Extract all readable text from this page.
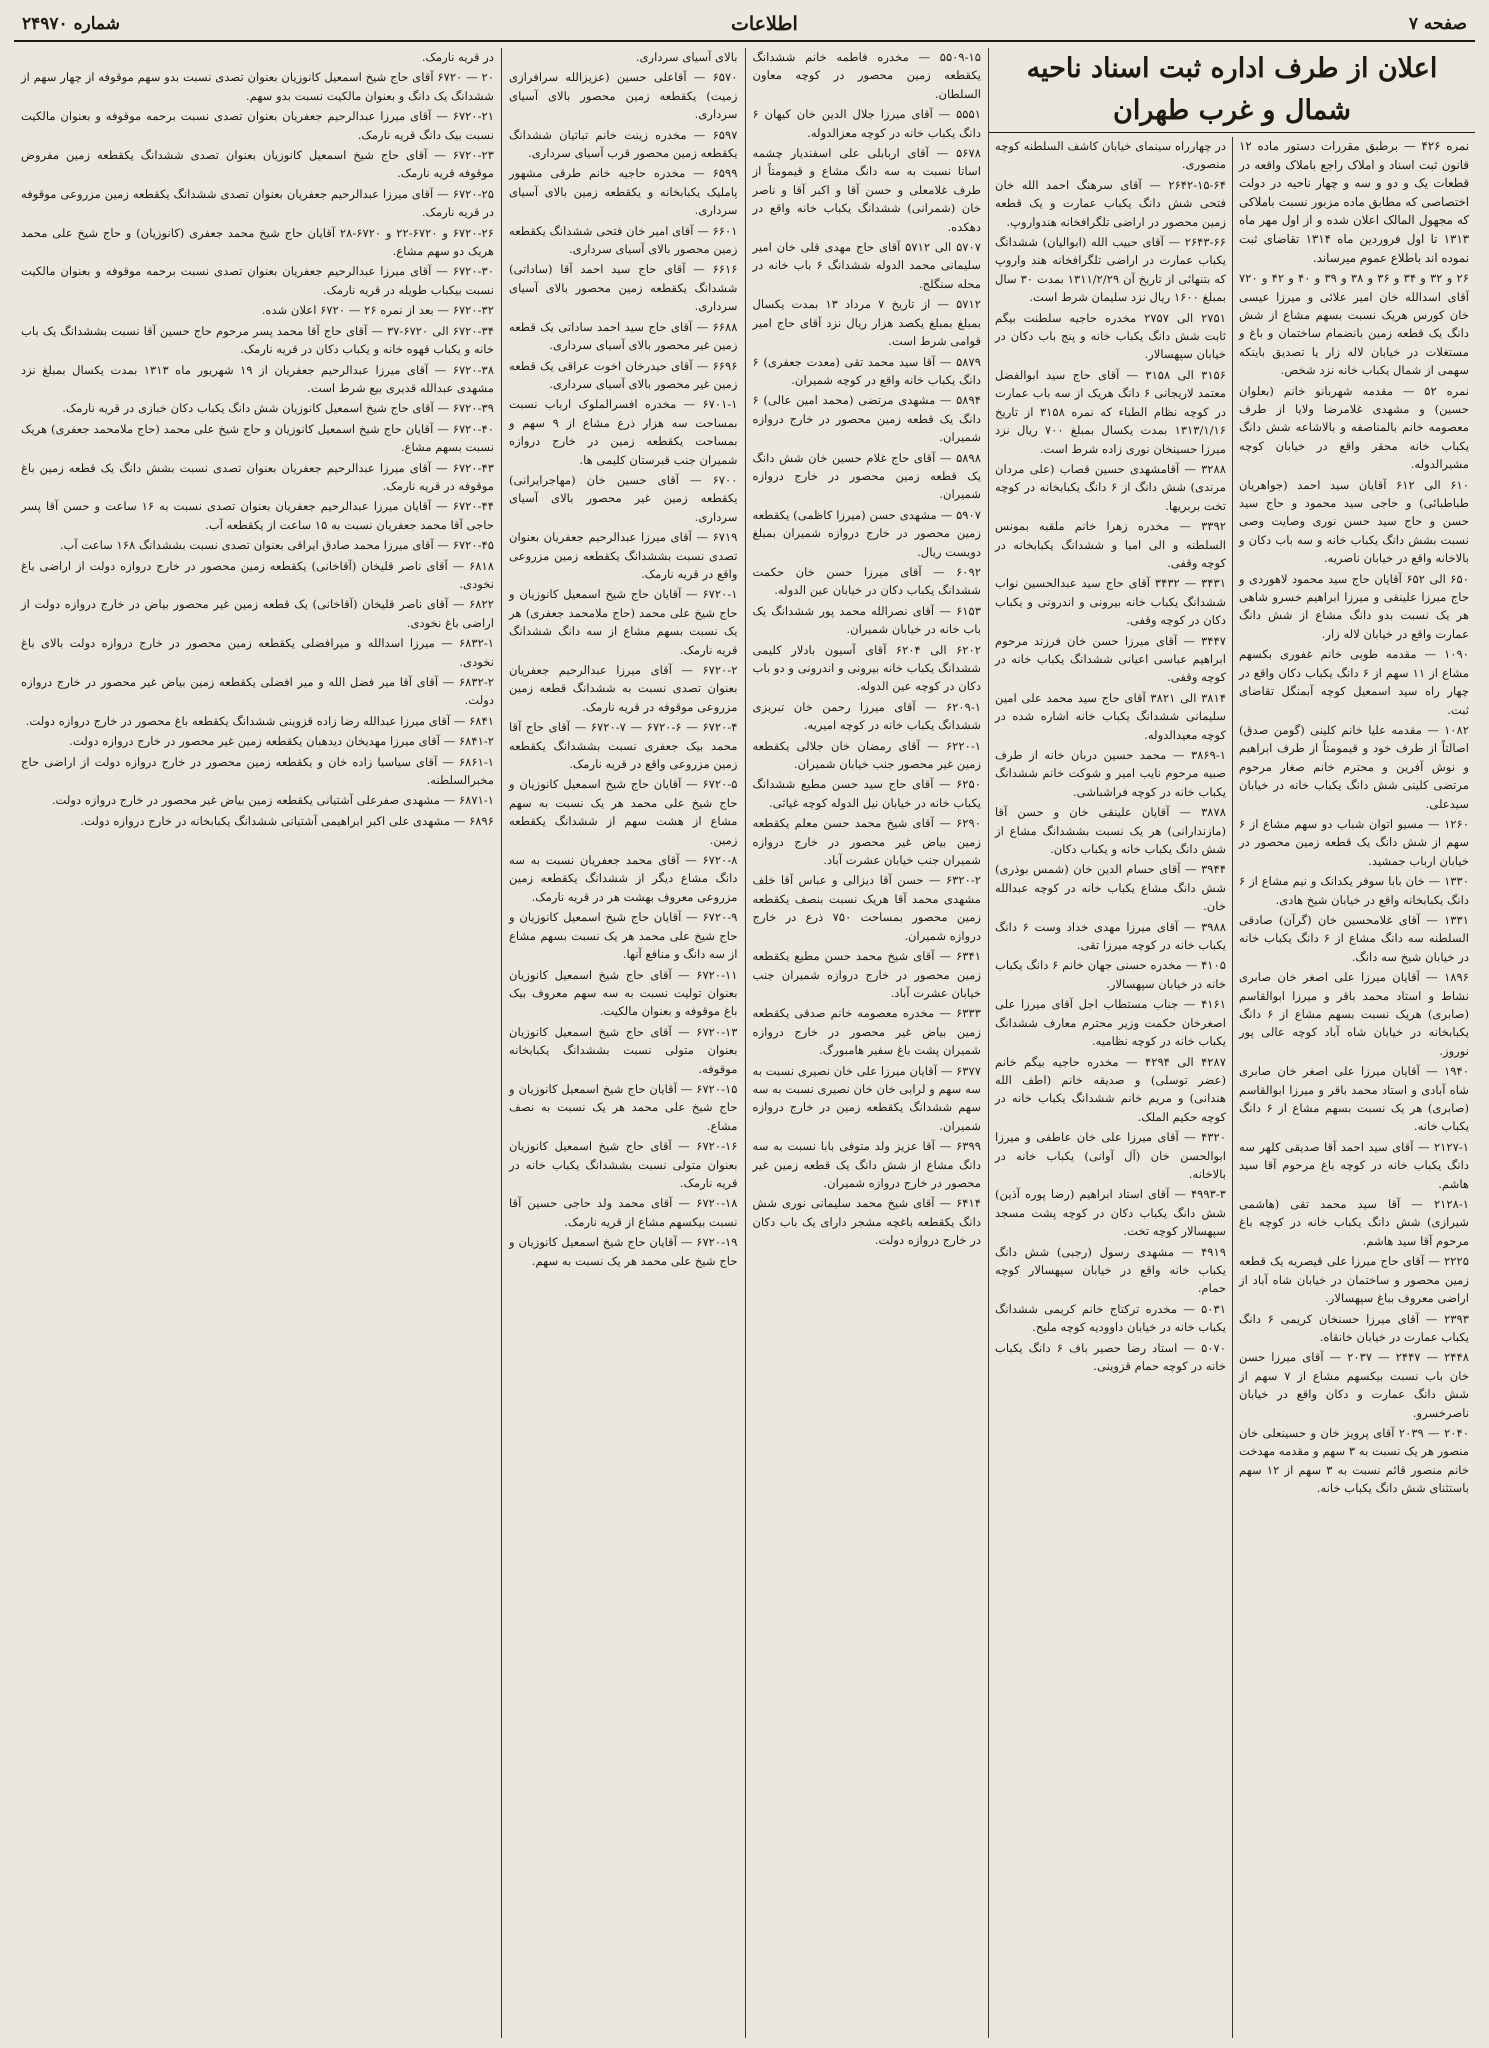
صفحه ۷
اطلاعات
شماره ۲۴۹۷۰
اعلان از طرف اداره ثبت اسناد ناحیه شمال و غرب طهران

نمره ۴۲۶ — برطبق مقررات دستور ماده ۱۲ قانون ثبت اسناد و املاک راجع باملاک واقعه در قطعات یک و دو و سه و چهار ناحیه در دولت اختصاصی که مطابق ماده مزبور نسبت باملاکی که مجهول المالک اعلان شده و از اول مهر ماه ۱۳۱۳ تا اول فروردین ماه ۱۳۱۴ تقاضای ثبت نموده اند باطلاع عموم میرساند.

۲۶ و ۳۲ و ۳۴ و ۳۶ و ۳۸ و ۳۹ و ۴۰ و ۴۲ و ۷۲۰ آقای اسدالله خان امیر علائی و میرزا عیسی خان کورس هریک نسبت بسهم مشاع از شش دانگ یک قطعه زمین بانضمام ساختمان و باغ و مستغلات در خیابان لاله زار یا تصدیق باینکه سهمی از شمال یکباب خانه نزد شخص.

نمره ۵۲ — مقدمه شهربانو خانم (بعلوان حسین) و مشهدی غلامرضا ولایا از طرف معصومه خانم بالمناصفه و بالاشاعه شش دانگ یکباب خانه محقر واقع در خیابان کوچه مشیرالدوله.

۶۱۰ الی ۶۱۲ آقایان سید احمد (جواهریان طباطبائی) و حاجی سید محمود و حاج سید حسن و حاج سید حسن نوری وصایت وصی نسبت بشش دانگ یکباب خانه و سه باب دکان و بالاخانه واقع در خیابان ناصریه.

۶۵۰ الی ۶۵۲ آقایان حاج سید محمود لاهوردی و حاج میرزا علینقی و میرزا ابراهیم خسرو شاهی هر یک نسبت بدو دانگ مشاع از شش دانگ عمارت واقع در خیابان لاله زار.

۱۰۹۰ — مقدمه طوبی خانم غفوری بکسهم مشاع از ۱۱ سهم از ۶ دانگ یکباب دکان واقع در چهار راه سید اسمعیل کوچه آبمنگل تقاضای ثبت.

۱۰۸۲ — مقدمه علیا خانم کلینی (گومن صدق) اصالتاً از طرف خود و قیمومتاً از طرف ابراهیم و نوش آفرین و محترم خانم صغار مرحوم مرتضی کلینی شش دانگ یکباب خانه در خیابان سیدعلی.

۱۲۶۰ — مسیو اتوان شباب دو سهم مشاع از ۶ سهم از شش دانگ یک قطعه زمین محصور در خیابان ارباب جمشید.

۱۳۳۰ — خان بابا سوفر یکدانک و نیم مشاع از ۶ دانگ یکبابخانه واقع در خیابان شیخ هادی.

۱۳۳۱ — آقای غلامحسین خان (گرآن) صادقی السلطنه سه دانگ مشاع از ۶ دانگ یکباب خانه در خیابان شیخ سه دانگ.

۱۸۹۶ — آقایان میرزا علی اصغر خان صابری نشاط و استاد محمد باقر و میرزا ابوالقاسم (صابری) هریک نسبت بسهم مشاع از ۶ دانگ یکبابخانه در خیابان شاه آباد کوچه عالی پور نوروز.

۱۹۴۰ — آقایان میرزا علی اصغر خان صابری شاه آبادی و استاد محمد باقر و میرزا ابوالقاسم (صابری) هر یک نسبت بسهم مشاع از ۶ دانگ یکباب خانه.

۲۱۲۷-۱ — آقای سید احمد آقا صدیقی کلهر سه دانگ یکباب خانه در کوچه باغ مرحوم آقا سید هاشم.

۲۱۲۸-۱ — آقا سید محمد تقی (هاشمی شیرازی) شش دانگ یکباب خانه در کوچه باغ مرحوم آقا سید هاشم.

۲۲۲۵ — آقای حاج میرزا علی قیصریه یک قطعه زمین محصور و ساختمان در خیابان شاه آباد از اراضی معروف بباغ سپهسالار.

۲۳۹۳ — آقای میرزا حسنخان کریمی ۶ دانگ یکباب عمارت در خیابان خانقاه.

۲۴۴۸ — ۲۴۴۷ — ۲۰۳۷ — آقای میرزا حسن خان باب نسبت بیکسهم مشاع از ۷ سهم از شش دانگ عمارت و دکان واقع در خیابان ناصرخسرو.

۲۰۴۰ — ۲۰۳۹ آقای پرویز خان و حسینعلی خان منصور هر یک نسبت به ۳ سهم و مقدمه مهدخت خانم منصور قائم نسبت به ۳ سهم از ۱۲ سهم باستثنای شش دانگ یکباب خانه.

در چهارراه سینمای خیابان کاشف السلطنه کوچه منصوری.

۲۶۴۲-۱۵-۶۴ — آقای سرهنگ احمد الله خان فتحی شش دانگ یکباب عمارت و یک قطعه زمین محصور در اراضی تلگرافخانه هندواروپ.

۲۶۴۳-۶۶ — آقای حبیب الله (ابوالیان) ششدانگ یکباب عمارت در اراضی تلگرافخانه هند واروپ که بتنهائی از تاریخ آن ۱۳۱۱/۲/۲۹ بمدت ۳۰ سال بمبلغ ۱۶۰۰ ریال نزد سلیمان شرط است.

۲۷۵۱ الی ۲۷۵۷ مخدره حاجیه سلطنت بیگم ثابت شش دانگ یکباب خانه و پنج باب دکان در خیابان سپهسالار.

۳۱۵۶ الی ۳۱۵۸ — آقای حاج سید ابوالفضل معتمد لاریجانی ۶ دانگ هریک از سه باب عمارت در کوچه نظام الطباء که نمره ۳۱۵۸ از تاریخ ۱۳۱۳/۱/۱۶ بمدت یکسال بمبلغ ۷۰۰ ریال نزد میرزا حسینخان نوری زاده شرط است.

۳۲۸۸ — آقامشهدی حسین قصاب (علی مردان مرندی) شش دانگ از ۶ دانگ یکبابخانه در کوچه تخت بربریها.

۳۳۹۲ — مخدره زهرا خانم ملقبه بمونس السلطنه و الی امیا و ششدانگ یکبابخانه در کوچه وقفی.

۳۴۳۱ — ۳۴۳۲ آقای حاج سید عبدالحسین نواب ششدانگ یکباب خانه بیرونی و اندرونی و یکباب دکان در کوچه وقفی.

۳۴۴۷ — آقای میرزا حسن خان فرزند مرحوم ابراهیم عباسی اعیانی ششدانگ یکباب خانه در کوچه وقفی.

۳۸۱۴ الی ۳۸۲۱ آقای حاج سید محمد علی امین سلیمانی ششدانگ یکباب خانه اشاره شده در کوچه معیدالدوله.

۳۸۶۹-۱ — محمد حسین دربان خانه از طرف صبیه مرحوم نایب امیر و شوکت خانم ششدانگ یکباب خانه در کوچه فراشباشی.

۳۸۷۸ — آقایان علینقی خان و حسن آقا (مازندارانی) هر یک نسبت بششدانگ مشاع از شش دانگ یکباب خانه و یکباب دکان.

۳۹۴۴ — آقای حسام الدین خان (شمس بوذری) شش دانگ مشاع یکباب خانه در کوچه عبدالله خان.

۳۹۸۸ — آقای میرزا مهدی خداد وست ۶ دانگ یکباب خانه در کوچه میرزا تقی.

۴۱۰۵ — مخدره حسنی جهان خانم ۶ دانگ یکباب خانه در خیابان سپهسالار.

۴۱۶۱ — جناب مستطاب اجل آقای میرزا علی اصغرخان حکمت وزیر محترم معارف ششدانگ یکباب خانه در کوچه نظامیه.

۴۲۸۷ الی ۴۲۹۴ — مخدره حاجیه بیگم خانم (عضر توسلی) و صدیقه خانم (اطف الله هندانی) و مریم خانم ششدانگ یکباب خانه در کوچه حکیم الملک.

۴۳۲۰ — آقای میرزا علی خان عاطفی و میرزا ابوالحسن خان (آل آوانی) یکباب خانه در بالاخانه.

۴۹۹۳-۳ — آقای استاد ابراهیم (رضا پوره آذین) شش دانگ یکباب دکان در کوچه پشت مسجد سپهسالار کوچه تخت.

۴۹۱۹ — مشهدی رسول (رجبی) شش دانگ یکباب خانه واقع در خیابان سپهسالار کوچه حمام.

۵۰۳۱ — مخدره ترکتاج خانم کریمی ششدانگ یکباب خانه در خیابان داوودیه کوچه ملیح.

۵۰۷۰ — استاد رضا حصیر باف ۶ دانگ یکباب خانه در کوچه حمام قزوینی.

۵۵۰۹-۱۵ — مخدره فاطمه خانم ششدانگ یکقطعه زمین محصور در کوچه معاون السلطان.

۵۵۵۱ — آقای میرزا جلال الدین خان کیهان ۶ دانگ یکباب خانه در کوچه معزالدوله.

۵۶۷۸ — آقای اربابلی علی اسفندیار چشمه اساتا نسبت به سه دانگ مشاع و قیمومتاً از طرف غلامعلی و حسن آقا و اکبر آقا و ناصر خان (شمرانی) ششدانگ یکباب خانه واقع در دهکده.

۵۷۰۷ الی ۵۷۱۲ آقای حاج مهدی قلی خان امیر سلیمانی محمد الدوله ششدانگ ۶ باب خانه در محله سنگلج.

۵۷۱۲ — از تاریخ ۷ مرداد ۱۳ بمدت یکسال بمبلغ بمبلغ یکصد هزار ریال نزد آقای حاج امیر قوامی شرط است.

۵۸۷۹ — آقا سید محمد تقی (معدت جعفری) ۶ دانگ یکباب خانه واقع در کوچه شمیران.

۵۸۹۴ — مشهدی مرتضی (محمد امین عالی) ۶ دانگ یک قطعه زمین محصور در خارج دروازه شمیران.

۵۸۹۸ — آقای حاج غلام حسین خان شش دانگ یک قطعه زمین محصور در خارج دروازه شمیران.

۵۹۰۷ — مشهدی حسن (میرزا کاظمی) یکقطعه زمین محصور در خارج دروازه شمیران بمبلغ دویست ریال.

۶۰۹۲ — آقای میرزا حسن خان حکمت ششدانگ یکباب دکان در خیابان عین الدوله.

۶۱۵۳ — آقای نصرالله محمد پور ششدانگ یک باب خانه در خیابان شمیران.

۶۲۰۲ الی ۶۲۰۴ آقای آسیون بادلار کلیمی ششدانگ یکباب خانه بیرونی و اندرونی و دو باب دکان در کوچه عین الدوله.

۶۲۰۹-۱ — آقای میرزا رحمن خان تبریزی ششدانگ یکباب خانه در کوچه امیریه.

۶۲۲۰-۱ — آقای رمضان خان جلالی یکقطعه زمین غیر محصور جنب خیابان شمیران.

۶۲۵۰ — آقای حاج سید حسن مطیع ششدانگ یکباب خانه در خیابان نیل الدوله کوچه غیاثی.

۶۲۹۰ — آقای شیخ محمد حسن معلم یکقطعه زمین بیاض غیر محصور در خارج دروازه شمیران جنب خیابان عشرت آباد.

۶۳۲۰-۲ — حسن آقا دیزالی و عباس آقا خلف مشهدی محمد آقا هریک نسبت بنصف یکقطعه زمین محصور بمساحت ۷۵۰ ذرع در خارج دروازه شمیران.

۶۳۴۱ — آقای شیخ محمد حسن مطیع یکقطعه زمین محصور در خارج دروازه شمیران جنب خیابان عشرت آباد.

۶۳۳۳ — مخدره معصومه خانم صدقی یکقطعه زمین بیاض غیر محصور در خارج دروازه شمیران پشت باغ سفیر هامبورگ.

۶۳۷۷ — آقایان میرزا علی خان نصیری نسبت به سه سهم و لرابی خان خان نصیری نسبت به سه سهم ششدانگ یکقطعه زمین در خارج دروازه شمیران.

۶۳۹۹ — آقا عزیز ولد متوفی بابا نسبت به سه دانگ مشاع از شش دانگ یک قطعه زمین غیر محصور در خارج دروازه شمیران.

۶۴۱۴ — آقای شیخ محمد سلیمانی نوری شش دانگ یکقطعه باغچه مشجر دارای یک باب دکان در خارج دروازه دولت.

بالای آسیای سرداری.

۶۵۷۰ — آقاعلی حسین (عزیزالله سرافرازی زمیت) یکقطعه زمین محصور بالای آسیای سرداری.

۶۵۹۷ — مخدره زینت خانم تباتیان ششدانگ یکقطعه زمین محصور قرب آسیای سرداری.

۶۵۹۹ — مخدره حاجیه خانم طرقی مشهور پاملیک یکبابخانه و یکقطعه زمین بالای آسیای سرداری.

۶۶۰۱ — آقای امیر خان فتحی ششدانگ یکقطعه زمین محصور بالای آسیای سرداری.

۶۶۱۶ — آقای حاج سید احمد آقا (ساداتی) ششدانگ یکقطعه زمین محصور بالای آسیای سرداری.

۶۶۸۸ — آقای حاج سید احمد ساداتی یک قطعه زمین غیر محصور بالای آسیای سرداری.

۶۶۹۶ — آقای حیدرخان اخوت عراقی یک قطعه زمین غیر محصور بالای آسیای سرداری.

۶۷۰۱-۱ — مخدره افسرالملوک ارباب نسبت بمساحت سه هزار ذرع مشاع از ۹ سهم و بمساحت یکقطعه زمین در خارج دروازه شمیران جنب قبرستان کلیمی ها.

۶۷۰۰ — آقای حسین خان (مهاجرایرانی) یکقطعه زمین غیر محصور بالای آسیای سرداری.

۶۷۱۹ — آقای میرزا عبدالرحیم جعفریان بعنوان تصدی نسبت بششدانگ یکقطعه زمین مزروعی واقع در قریه نارمک.

۶۷۲۰-۱ — آقایان حاج شیخ اسمعیل کانوزیان و حاج شیخ علی محمد (حاج ملامحمد جعفری) هر یک نسبت بسهم مشاع از سه دانگ ششدانگ قریه نارمک.

۶۷۲۰-۲ — آقای میرزا عبدالرحیم جعفریان بعنوان تصدی نسبت به ششدانگ قطعه زمین مزروعی موقوفه در قریه نارمک.

۶۷۲۰-۴ — ۶۷۲۰-۶ — ۶۷۲۰-۷ — آقای حاج آقا محمد بیک جعفری نسبت بششدانگ یکقطعه زمین مزروعی واقع در قریه نارمک.

۶۷۲۰-۵ — آقایان حاج شیخ اسمعیل کانوزیان و حاج شیخ علی محمد هر یک نسبت به سهم مشاع از هشت سهم از ششدانگ یکقطعه زمین.

۶۷۲۰-۸ — آقای محمد جعفریان نسبت به سه دانگ مشاع دیگر از ششدانگ یکقطعه زمین مزروعی معروف بهشت هر در قریه نارمک.

۶۷۲۰-۹ — آقایان حاج شیخ اسمعیل کانوزیان و حاج شیخ علی محمد هر یک نسبت بسهم مشاع از سه دانگ و منافع آنها.

۶۷۲۰-۱۱ — آقای حاج شیخ اسمعیل کانوزیان بعنوان تولیت نسبت به سه سهم معروف بیک باغ موقوفه و بعنوان مالکیت.

۶۷۲۰-۱۳ — آقای حاج شیخ اسمعیل کانوزیان بعنوان متولی نسبت بششدانگ یکبابخانه موقوفه.

۶۷۲۰-۱۵ — آقایان حاج شیخ اسمعیل کانوزیان و حاج شیخ علی محمد هر یک نسبت به نصف مشاع.

۶۷۲۰-۱۶ — آقای حاج شیخ اسمعیل کانوزیان بعنوان متولی نسبت بششدانگ یکباب خانه در قریه نارمک.

۶۷۲۰-۱۸ — آقای محمد ولد حاجی حسین آقا نسبت بیکسهم مشاع از قریه نارمک.

۶۷۲۰-۱۹ — آقایان حاج شیخ اسمعیل کانوزیان و حاج شیخ علی محمد هر یک نسبت به سهم.

در قریه نارمک.

۲۰ — ۶۷۲۰ آقای حاج شیخ اسمعیل کانوزیان بعنوان تصدی نسبت بدو سهم موقوفه از چهار سهم از ششدانگ یک دانگ و بعنوان مالکیت نسبت بدو سهم.

۶۷۲۰-۲۱ — آقای میرزا عبدالرحیم جعفریان بعنوان تصدی نسبت برحمه موقوفه و بعنوان مالکیت نسبت بیک دانگ قریه نارمک.

۶۷۲۰-۲۳ — آقای حاج شیخ اسمعیل کانوزیان بعنوان تصدی ششدانگ یکقطعه زمین مفروض موقوفه قریه نارمک.

۶۷۲۰-۲۵ — آقای میرزا عبدالرحیم جعفریان بعنوان تصدی ششدانگ یکقطعه زمین مزروعی موقوفه در قریه نارمک.

۶۷۲۰-۲۶ و ۶۷۲۰-۲۲ و ۶۷۲۰-۲۸ آقایان حاج شیخ محمد جعفری (کانوزیان) و حاج شیخ علی محمد هریک دو سهم مشاع.

۶۷۲۰-۳۰ — آقای میرزا عبدالرحیم جعفریان بعنوان تصدی نسبت برحمه موقوفه و بعنوان مالکیت نسبت بیکباب طویله در قریه نارمک.

۶۷۲۰-۳۲ — بعد از نمره ۲۶ — ۶۷۲۰ اعلان شده.

۶۷۲۰-۳۴ الی ۶۷۲۰-۳۷ — آقای حاج آقا محمد پسر مرحوم حاج حسین آقا نسبت بششدانگ یک باب خانه و یکباب قهوه خانه و یکباب دکان در قریه نارمک.

۶۷۲۰-۳۸ — آقای میرزا عبدالرحیم جعفریان از ۱۹ شهریور ماه ۱۳۱۳ بمدت یکسال بمبلغ نزد مشهدی عبدالله قدیری بیع شرط است.

۶۷۲۰-۳۹ — آقای حاج شیخ اسمعیل کانوزیان شش دانگ یکباب دکان خبازی در قریه نارمک.

۶۷۲۰-۴۰ — آقایان حاج شیخ اسمعیل کانوزیان و حاج شیخ علی محمد (حاج ملامحمد جعفری) هریک نسبت بسهم مشاع.

۶۷۲۰-۴۳ — آقای میرزا عبدالرحیم جعفریان بعنوان تصدی نسبت بشش دانگ یک قطعه زمین باغ موقوفه در قریه نارمک.

۶۷۲۰-۴۴ — آقایان میرزا عبدالرحیم جعفریان بعنوان تصدی نسبت به ۱۶ ساعت و حسن آقا پسر حاجی آقا محمد جعفریان نسبت به ۱۵ ساعت از یکقطعه آب.

۶۷۲۰-۴۵ — آقای میرزا محمد صادق ایراقی بعنوان تصدی نسبت بششدانگ ۱۶۸ ساعت آب.

۶۸۱۸ — آقای ناصر قلیخان (آقاخانی) یکقطعه زمین محصور در خارج دروازه دولت از اراضی باغ نخودی.

۶۸۲۲ — آقای ناصر قلیخان (آقاخانی) یک قطعه زمین غیر محصور بیاض در خارج دروازه دولت از اراضی باغ نخودی.

۶۸۳۲-۱ — میرزا اسدالله و میرافضلی یکقطعه زمین محصور در خارج دروازه دولت بالای باغ نخودی.

۶۸۳۲-۲ — آقای آقا میر فضل الله و میر افضلی یکقطعه زمین بیاض غیر محصور در خارج دروازه دولت.

۶۸۴۱ — آقای میرزا عبدالله رضا زاده قزوینی ششدانگ یکقطعه باغ محصور در خارج دروازه دولت.

۶۸۴۱-۲ — آقای میرزا مهدیخان دیدهبان یکقطعه زمین غیر محصور در خارج دروازه دولت.

۶۸۶۱-۱ — آقای سیاسیا زاده خان و یکقطعه زمین محصور در خارج دروازه دولت از اراضی حاج مخبرالسلطنه.

۶۸۷۱-۱ — مشهدی صفرعلی آشتیانی یکقطعه زمین بیاض غیر محصور در خارج دروازه دولت.

۶۸۹۶ — مشهدی علی اکبر ابراهیمی آشتیانی ششدانگ یکبابخانه در خارج دروازه دولت.
